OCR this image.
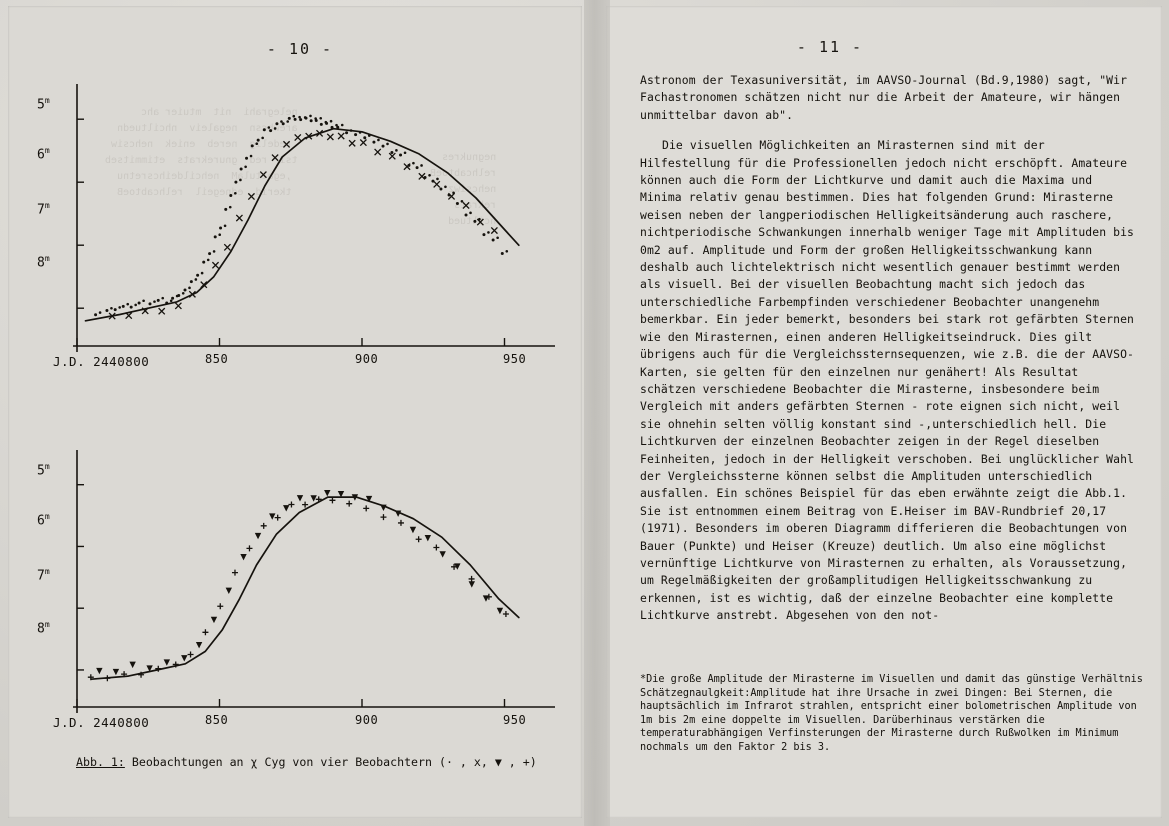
- 10 -	- 11 -
5$^m$
6$^m$
7$^m$
8$^m$
J.D. 2440800	850	900	950
5$^m$
6$^m$
7$^m$
8$^m$
J.D. 2440800	850	900	950
Abb. 1: Beobachtungen an χ Cyg von vier Beobachtern (· , x, ▼ , +)

Astronom der Texasuniversität, im AAVSO-Journal (Bd.9,1980) sagt, "Wir Fachastronomen schätzen nicht nur die Arbeit der Amateure, wir hängen unmittelbar davon ab".

Die visuellen Möglichkeiten an Mirasternen sind mit der Hilfestellung für die Professionellen jedoch nicht erschöpft. Amateure können auch die Form der Lichtkurve und damit auch die Maxima und Minima relativ genau bestimmen. Dies hat folgenden Grund: Mirasterne weisen neben der langperiodischen Helligkeitsänderung auch raschere, nichtperiodische Schwankungen innerhalb weniger Tage mit Amplituden bis 0m2 auf. Amplitude und Form der großen Helligkeitsschwankung kann deshalb auch lichtelektrisch nicht wesentlich genauer bestimmt werden als visuell. Bei der visuellen Beobachtung macht sich jedoch das unterschiedliche Farbempfinden verschiedener Beobachter unangenehm bemerkbar. Ein jeder bemerkt, besonders bei stark rot gefärbten Sternen wie den Mirasternen, einen anderen Helligkeitseindruck. Dies gilt übrigens auch für die Vergleichssternsequenzen, wie z.B. die der AAVSO-Karten, sie gelten für den einzelnen nur genähert! Als Resultat schätzen verschiedene Beobachter die Mirasterne, insbesondere beim Vergleich mit anders gefärbten Sternen - rote eignen sich nicht, weil sie ohnehin selten völlig konstant sind -,unterschiedlich hell. Die Lichtkurven der einzelnen Beobachter zeigen in der Regel dieselben Feinheiten, jedoch in der Helligkeit verschoben. Bei unglücklicher Wahl der Vergleichssterne können selbst die Amplituden unterschiedlich ausfallen. Ein schönes Beispiel für das eben erwähnte zeigt die Abb.1. Sie ist entnommen einem Beitrag von E.Heiser im BAV-Rundbrief 20,17 (1971). Besonders im oberen Diagramm differieren die Beobachtungen von Bauer (Punkte) und Heiser (Kreuze) deutlich. Um also eine möglichst vernünftige Lichtkurve von Mirasternen zu erhalten, als Voraussetzung, um Regelmäßigkeiten der großamplitudigen Helligkeitsschwankung zu erkennen, ist es wichtig, daß der einzelne Beobachter eine komplette Lichtkurve anstrebt. Abgesehen von den not-

*Die große Amplitude der Mirasterne im Visuellen und damit das günstige Verhältnis Schätzegnaulgkeit:Amplitude hat ihre Ursache in zwei Dingen: Bei Sternen, die hauptsächlich im Infrarot strahlen, entspricht einer bolometrischen Amplitude von 1m bis 2m eine doppelte im Visuellen. Darüberhinaus verstärken die temperaturabhängigen Verfinsterungen der Mirasterne durch Rußwolken im Minimum nochmals um den Faktor 2 bis 3.
